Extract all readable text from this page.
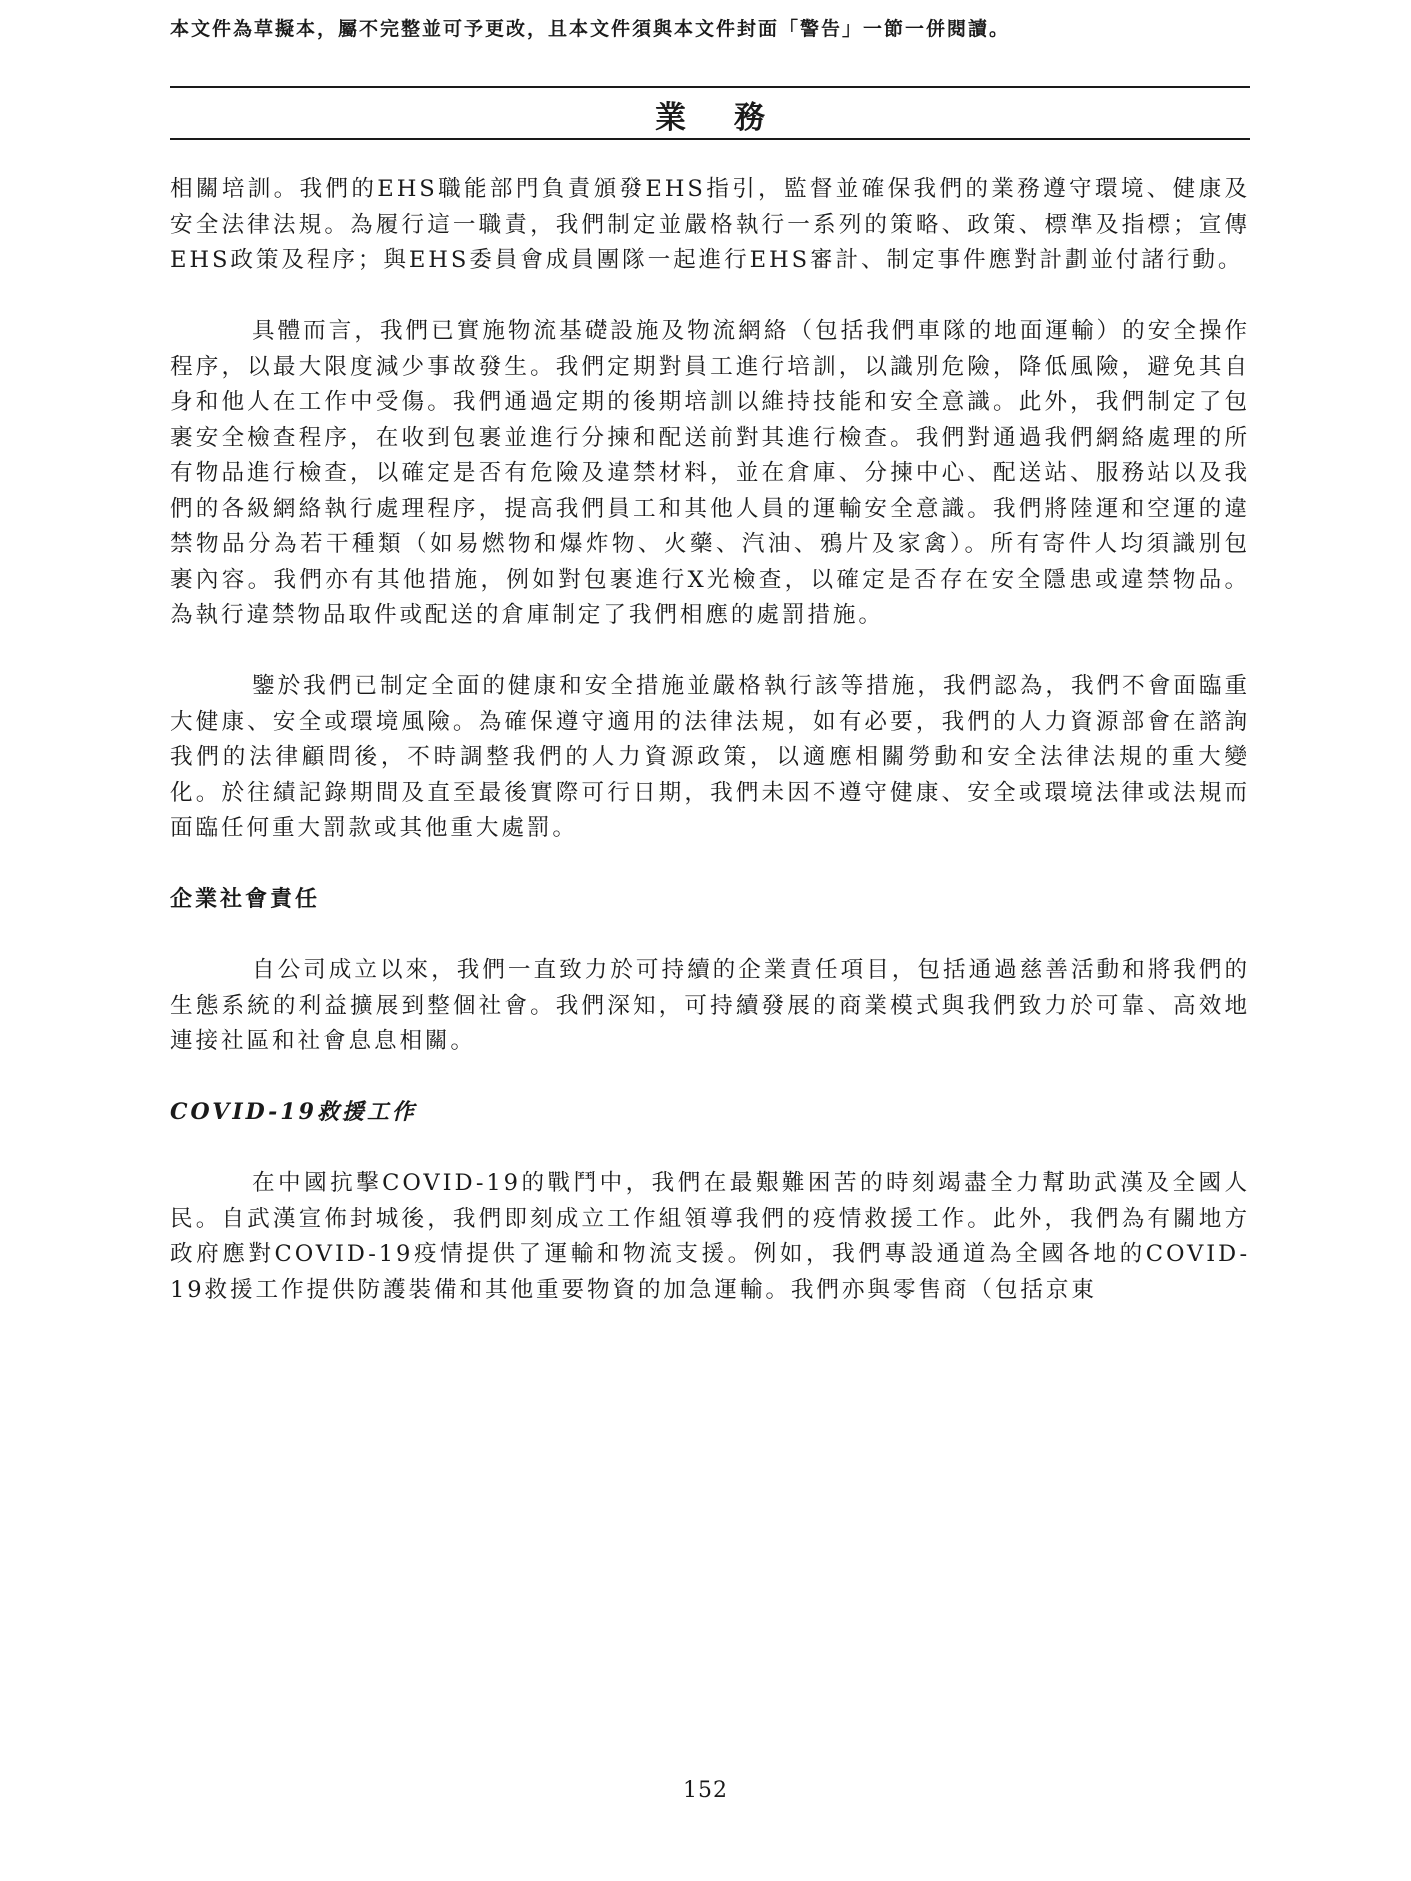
本文件為草擬本，屬不完整並可予更改，且本文件須與本文件封面「警告」一節一併閱讀。
業務

相關培訓。我們的EHS職能部門負責頒發EHS指引，監督並確保我們的業務遵守環境、健康及安全法律法規。為履行這一職責，我們制定並嚴格執行一系列的策略、政策、標準及指標；宣傳EHS政策及程序；與EHS委員會成員團隊一起進行EHS審計、制定事件應對計劃並付諸行動。

具體而言，我們已實施物流基礎設施及物流網絡（包括我們車隊的地面運輸）的安全操作程序，以最大限度減少事故發生。我們定期對員工進行培訓，以識別危險，降低風險，避免其自身和他人在工作中受傷。我們通過定期的後期培訓以維持技能和安全意識。此外，我們制定了包裹安全檢查程序，在收到包裹並進行分揀和配送前對其進行檢查。我們對通過我們網絡處理的所有物品進行檢查，以確定是否有危險及違禁材料，並在倉庫、分揀中心、配送站、服務站以及我們的各級網絡執行處理程序，提高我們員工和其他人員的運輸安全意識。我們將陸運和空運的違禁物品分為若干種類（如易燃物和爆炸物、火藥、汽油、鴉片及家禽）。所有寄件人均須識別包裹內容。我們亦有其他措施，例如對包裹進行X光檢查，以確定是否存在安全隱患或違禁物品。為執行違禁物品取件或配送的倉庫制定了我們相應的處罰措施。

鑒於我們已制定全面的健康和安全措施並嚴格執行該等措施，我們認為，我們不會面臨重大健康、安全或環境風險。為確保遵守適用的法律法規，如有必要，我們的人力資源部會在諮詢我們的法律顧問後，不時調整我們的人力資源政策，以適應相關勞動和安全法律法規的重大變化。於往績記錄期間及直至最後實際可行日期，我們未因不遵守健康、安全或環境法律或法規而面臨任何重大罰款或其他重大處罰。

企業社會責任

自公司成立以來，我們一直致力於可持續的企業責任項目，包括通過慈善活動和將我們的生態系統的利益擴展到整個社會。我們深知，可持續發展的商業模式與我們致力於可靠、高效地連接社區和社會息息相關。

COVID-19救援工作

在中國抗擊COVID-19的戰鬥中，我們在最艱難困苦的時刻竭盡全力幫助武漢及全國人民。自武漢宣佈封城後，我們即刻成立工作組領導我們的疫情救援工作。此外，我們為有關地方政府應對COVID-19疫情提供了運輸和物流支援。例如，我們專設通道為全國各地的COVID-19救援工作提供防護裝備和其他重要物資的加急運輸。我們亦與零售商（包括京東

152
